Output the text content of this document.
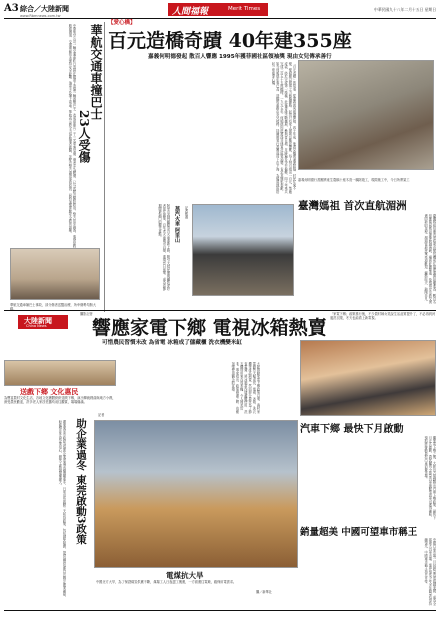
A3 綜合／大陸新聞
www.Rbmnews.com.tw	人間福報	Merit Times	中華民國九十八年二月十五日 星期日
中華航空公司一輛交通車昨日清晨在國道上追撞一輛遊覽巴士，造成兩車共二十三名乘客受傷，傷者多為輕傷，已分送附近醫院救治。警方初步調查，事發當時路面濕滑，交通車疑似未保持安全距離，煞車不及撞上前車。華航表示將全力協助傷者就醫，並配合警方調查事故原因，同時加強駕駛安全教育訓練。	華航交通車撞巴士
23人受傷
華航交通車撞巴士事故，部分傷者送醫治療，所幸傷勢均無大
攝影記者
【愛心橋】
百元造橋奇蹟 40年建355座
嘉義何明德發起 散百人響應 1995年獲菲國社區領袖獎 現由女兒傳承善行
「百元造橋」的故事，從嘉義的何明德開始。四十年前，他看見鄉間溪流阻隔，村民往來不便，便發願以微薄之力修橋鋪路。起初只有家人與幾位鄰居響應，每人每月捐出一百元，集腋成裘，終於完成第一座橋。此後善緣不斷擴展，參與者日增，足跡遍及全台偏鄉，四十年來共完成三百五十五座橋樑。一九九五年，何明德因此獲得菲律賓社區領袖獎，肯定其無私奉獻。如今何明德年事已高，造橋的重擔由女兒接棒，持續帶領行善團成員上山下海，為偏遠地區搭起一座座愛心橋。
嘉義何明德行善團將產生農橋十座木造一橋除竣工，現際施工中，今日所將架工
阿里山森林鐵路蒸汽火車重新上路，吸引大批民眾與攝影愛好者前往朝聖，百年老火車噴出白煙，重現昔日風華，成為春節期間最熱門的觀光景點。	蒸汽火車 阿里山	記者報導	臺灣媽祖 首次直航湄洲
臺灣媽祖信眾首度搭乘直航包機前往福建湄洲祖廟進香，數百名信眾隨同媽祖神像跨越海峽，場面莊嚴隆重，象徵兩岸宗教交流邁向新的里程。湄洲當地民眾夾道歡迎，鑼鼓喧天，熱鬧非凡。
大陸新聞
China News 響應家電下鄉 電視冰箱熱賣
可惜農民習慣未改 為省電 冰箱成了儲藏櫃 洗衣機變米缸
「家電下鄉」政策推行後，不少農村婦女笑說生活品質提升了，不必再到河邊洗衣服，冬天也能看上新電視。
送戲下鄉 文化惠民
為豐富農村文化生活，各地文化團體紛紛送戲下鄉，演出傳統戲曲與地方小戲，深受農民歡迎，許多老人家扶老攜幼前往觀賞，場場爆滿。
記者
大陸推動家電下鄉政策以來，農村家電銷售大幅成長，電視、冰箱、洗衣機等產品熱賣。然而部分農民為了節省電費，將冰箱當作儲藏櫃使用，洗衣機則用來存放米糧，令人啼笑皆非。專家指出，政策推廣之餘，也應加強使用觀念的宣導。
汽車下鄉 最快下月啟動
繼家電下鄉之後，大陸官方規劃推出汽車下鄉政策，最快下月正式啟動，農民購買小排量汽車與輕型貨車可獲得補貼，預料將帶動農村汽車消費市場。
廣東東莞市政府為協助企業度過金融海嘯寒冬，日前宣布啟動三大扶持政策，包括減免稅費、提供融資協助以及穩定就業補貼，盼能穩住外資企業信心，避免工廠倒閉潮擴大。	助企業過冬 東莞啟動3政策
電煤抗大旱
中國北方大旱，為了保證煤炭供應不斷，煤場工人日夜趕工搬運，一方面運往電廠，確保用電需求。
攝／新華社
銷量超美 中國可望車市稱王
中國汽車市場一月份銷量首度超越美國，成為全球最大汽車市場，業界預估今年全年銷量有望持續領先，中國車市稱王指日可待。
